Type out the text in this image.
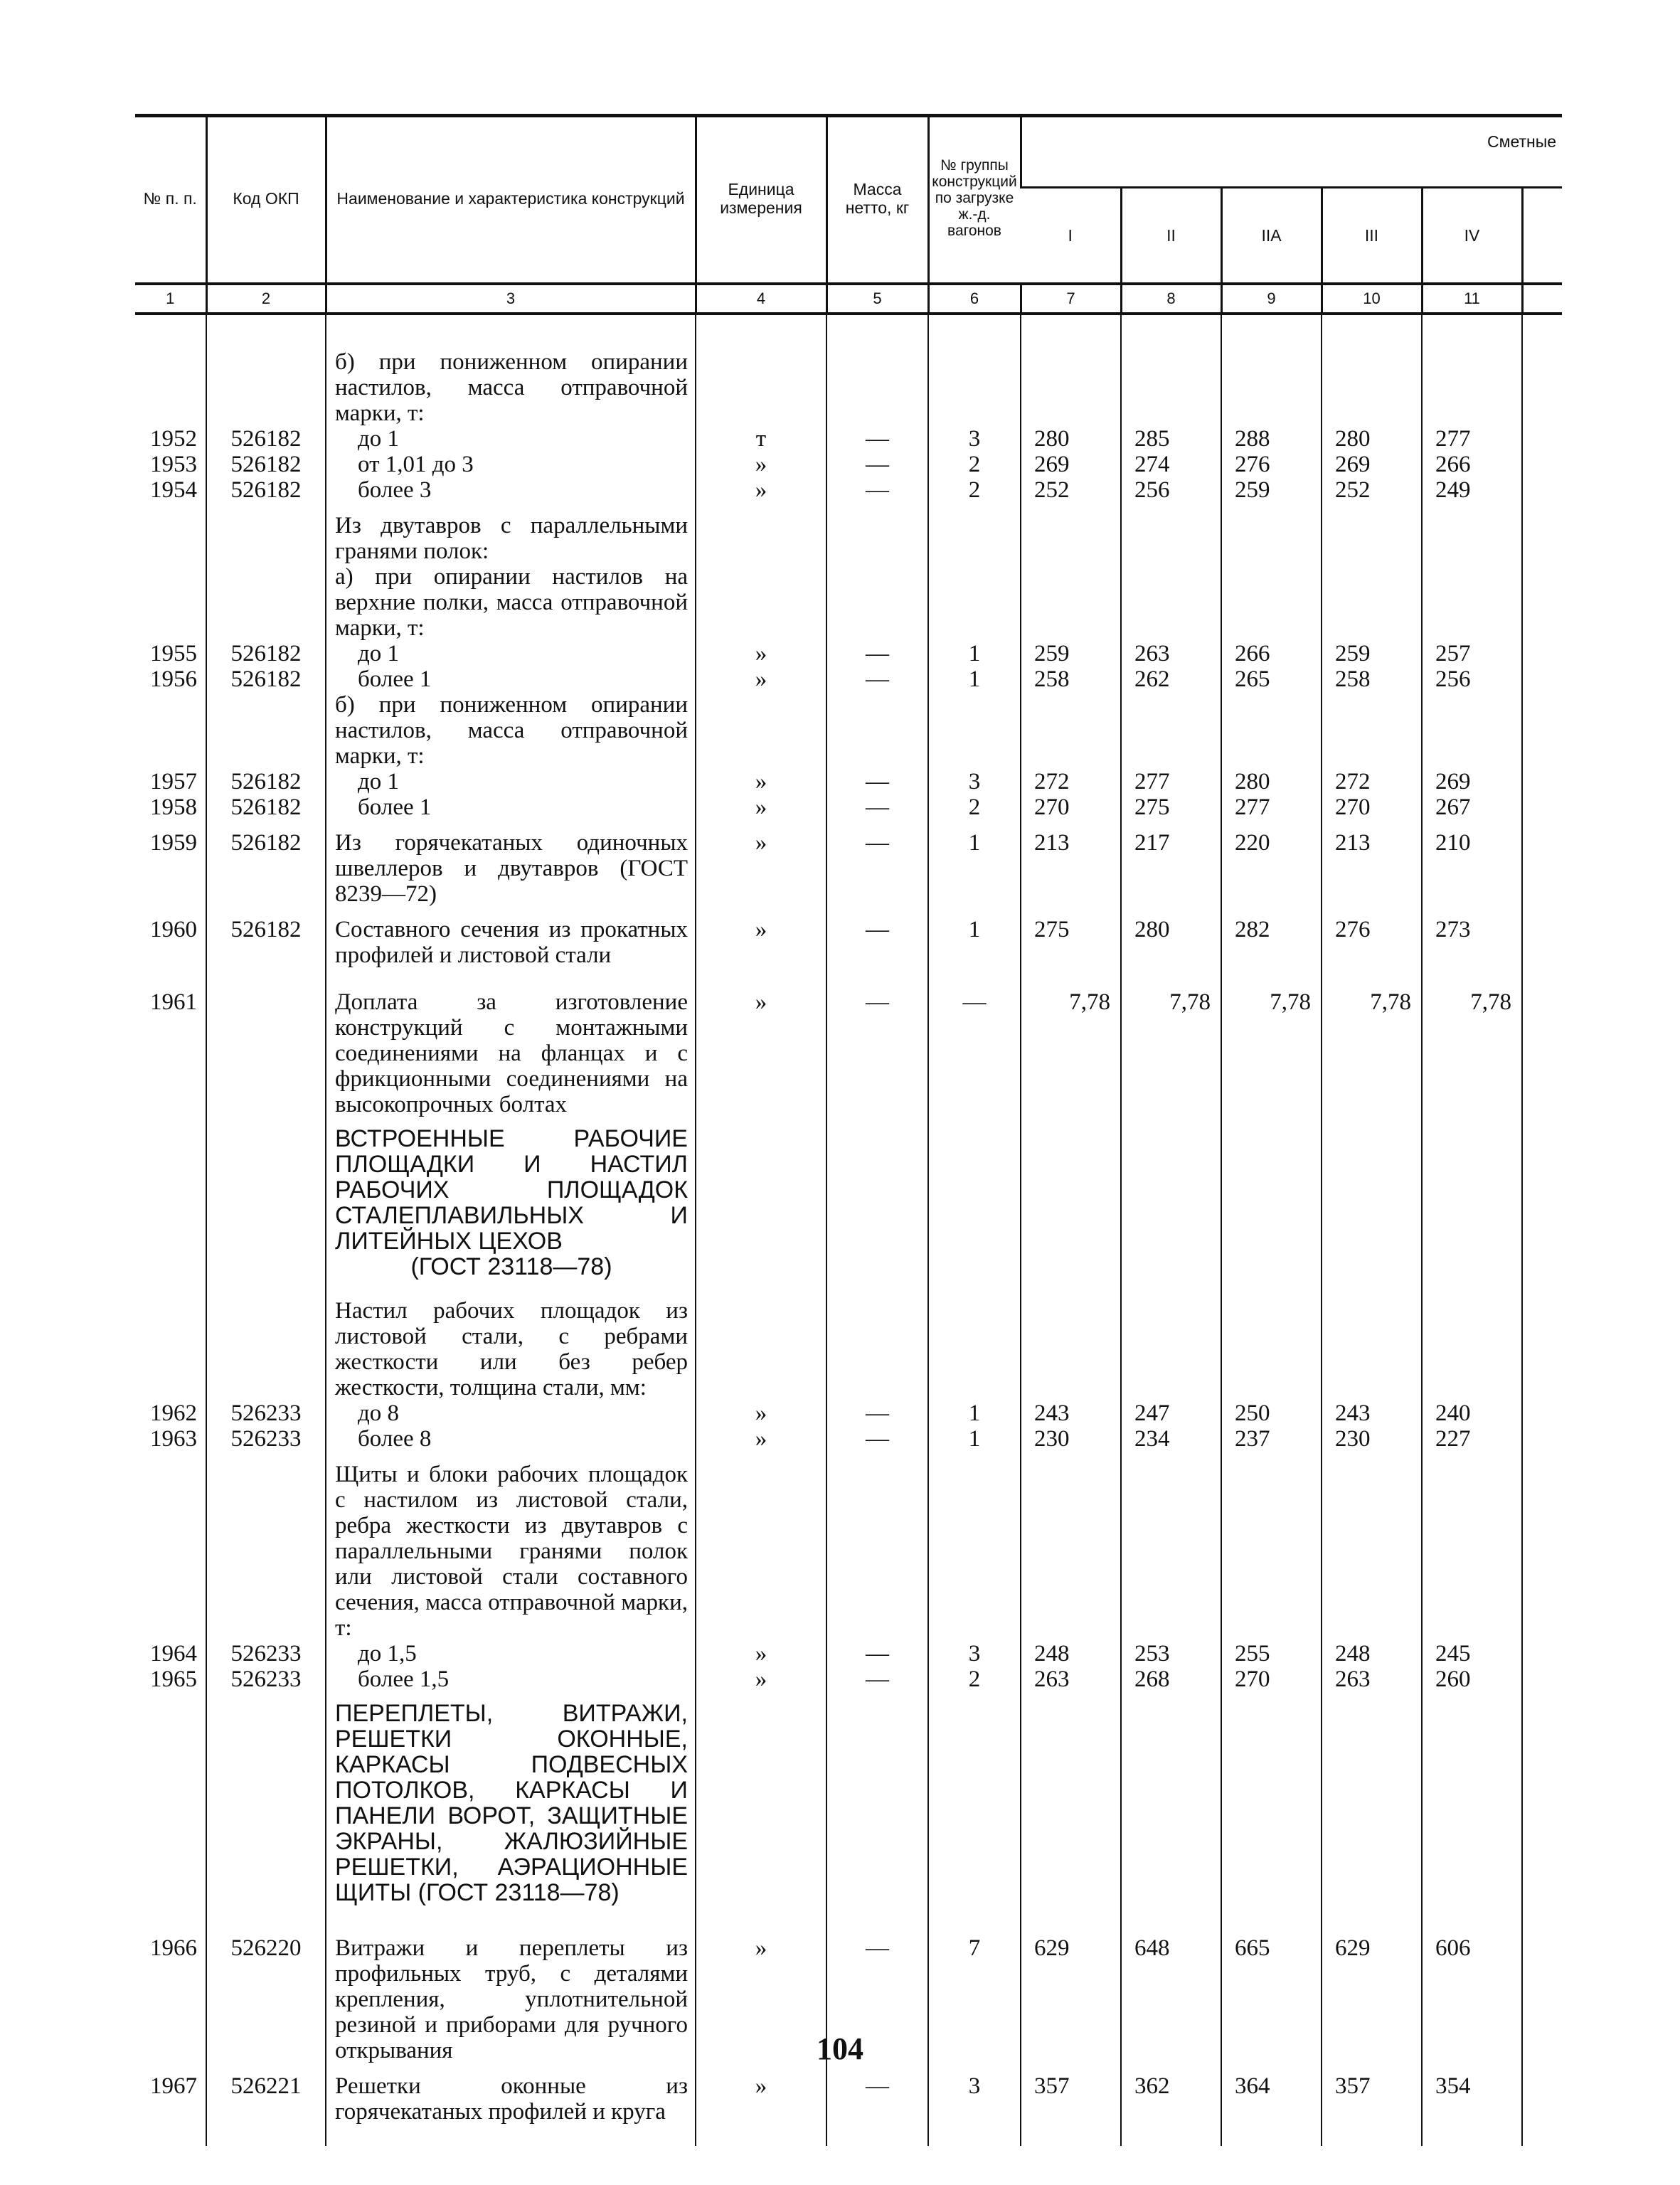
№ п. п.	Код ОКП	Наименование и характеристика конструкций	Единица измерения	Масса нетто, кг	№ группы конструкций по загрузке ж.-д. вагонов	Сметные					
						I	II	IIA	III	IV	
1	2	3	4	5	6	7	8	9	10	11	

		б) при пониженном опирании настилов, масса отправочной марки, т:									
1952	526182	до 1	т	—	3	280	285	288	280	277	
1953	526182	от 1,01 до 3	»	—	2	269	274	276	269	266	
1954	526182	более 3	»	—	2	252	256	259	252	249	

		Из двутавров с параллельными гранями полок:									
		а) при опирании настилов на верхние полки, масса отправочной марки, т:									
1955	526182	до 1	»	—	1	259	263	266	259	257	
1956	526182	более 1	»	—	1	258	262	265	258	256	
		б) при пониженном опирании настилов, масса отправочной марки, т:									
1957	526182	до 1	»	—	3	272	277	280	272	269	
1958	526182	более 1	»	—	2	270	275	277	270	267	

1959	526182	Из горячекатаных одиночных швеллеров и двутавров (ГОСТ 8239—72)	»	—	1	213	217	220	213	210	

1960	526182	Составного сечения из прокатных профилей и листовой стали	»	—	1	275	280	282	276	273	

1961		Доплата за изготовление конструкций с монтажными соединениями на фланцах и с фрикционными соединениями на высокопрочных болтах	»	—	—	7,78	7,78	7,78	7,78	7,78	
		ВСТРОЕННЫЕ РАБОЧИЕ ПЛОЩАДКИ И НАСТИЛ РАБОЧИХ ПЛОЩАДОК СТАЛЕПЛАВИЛЬНЫХ И ЛИТЕЙНЫХ ЦЕХОВ
(ГОСТ 23118—78)									

		Настил рабочих площадок из листовой стали, с ребрами жесткости или без ребер жесткости, толщина стали, мм:									
1962	526233	до 8	»	—	1	243	247	250	243	240	
1963	526233	более 8	»	—	1	230	234	237	230	227	

		Щиты и блоки рабочих площадок с настилом из листовой стали, ребра жесткости из двутавров с параллельными гранями полок или листовой стали составного сечения, масса отправочной марки, т:									
1964	526233	до 1,5	»	—	3	248	253	255	248	245	
1965	526233	более 1,5	»	—	2	263	268	270	263	260	
		ПЕРЕПЛЕТЫ, ВИТРАЖИ, РЕШЕТКИ ОКОННЫЕ, КАРКАСЫ ПОДВЕСНЫХ ПОТОЛКОВ, КАРКАСЫ И ПАНЕЛИ ВОРОТ, ЗАЩИТНЫЕ ЭКРАНЫ, ЖАЛЮЗИЙНЫЕ РЕШЕТКИ, АЭРАЦИОННЫЕ ЩИТЫ (ГОСТ 23118—78)									

1966	526220	Витражи и переплеты из профильных труб, с деталями крепления, уплотнительной резиной и приборами для ручного открывания	»	—	7	629	648	665	629	606	

1967	526221	Решетки оконные из горячекатаных профилей и круга	»	—	3	357	362	364	357	354	

104
